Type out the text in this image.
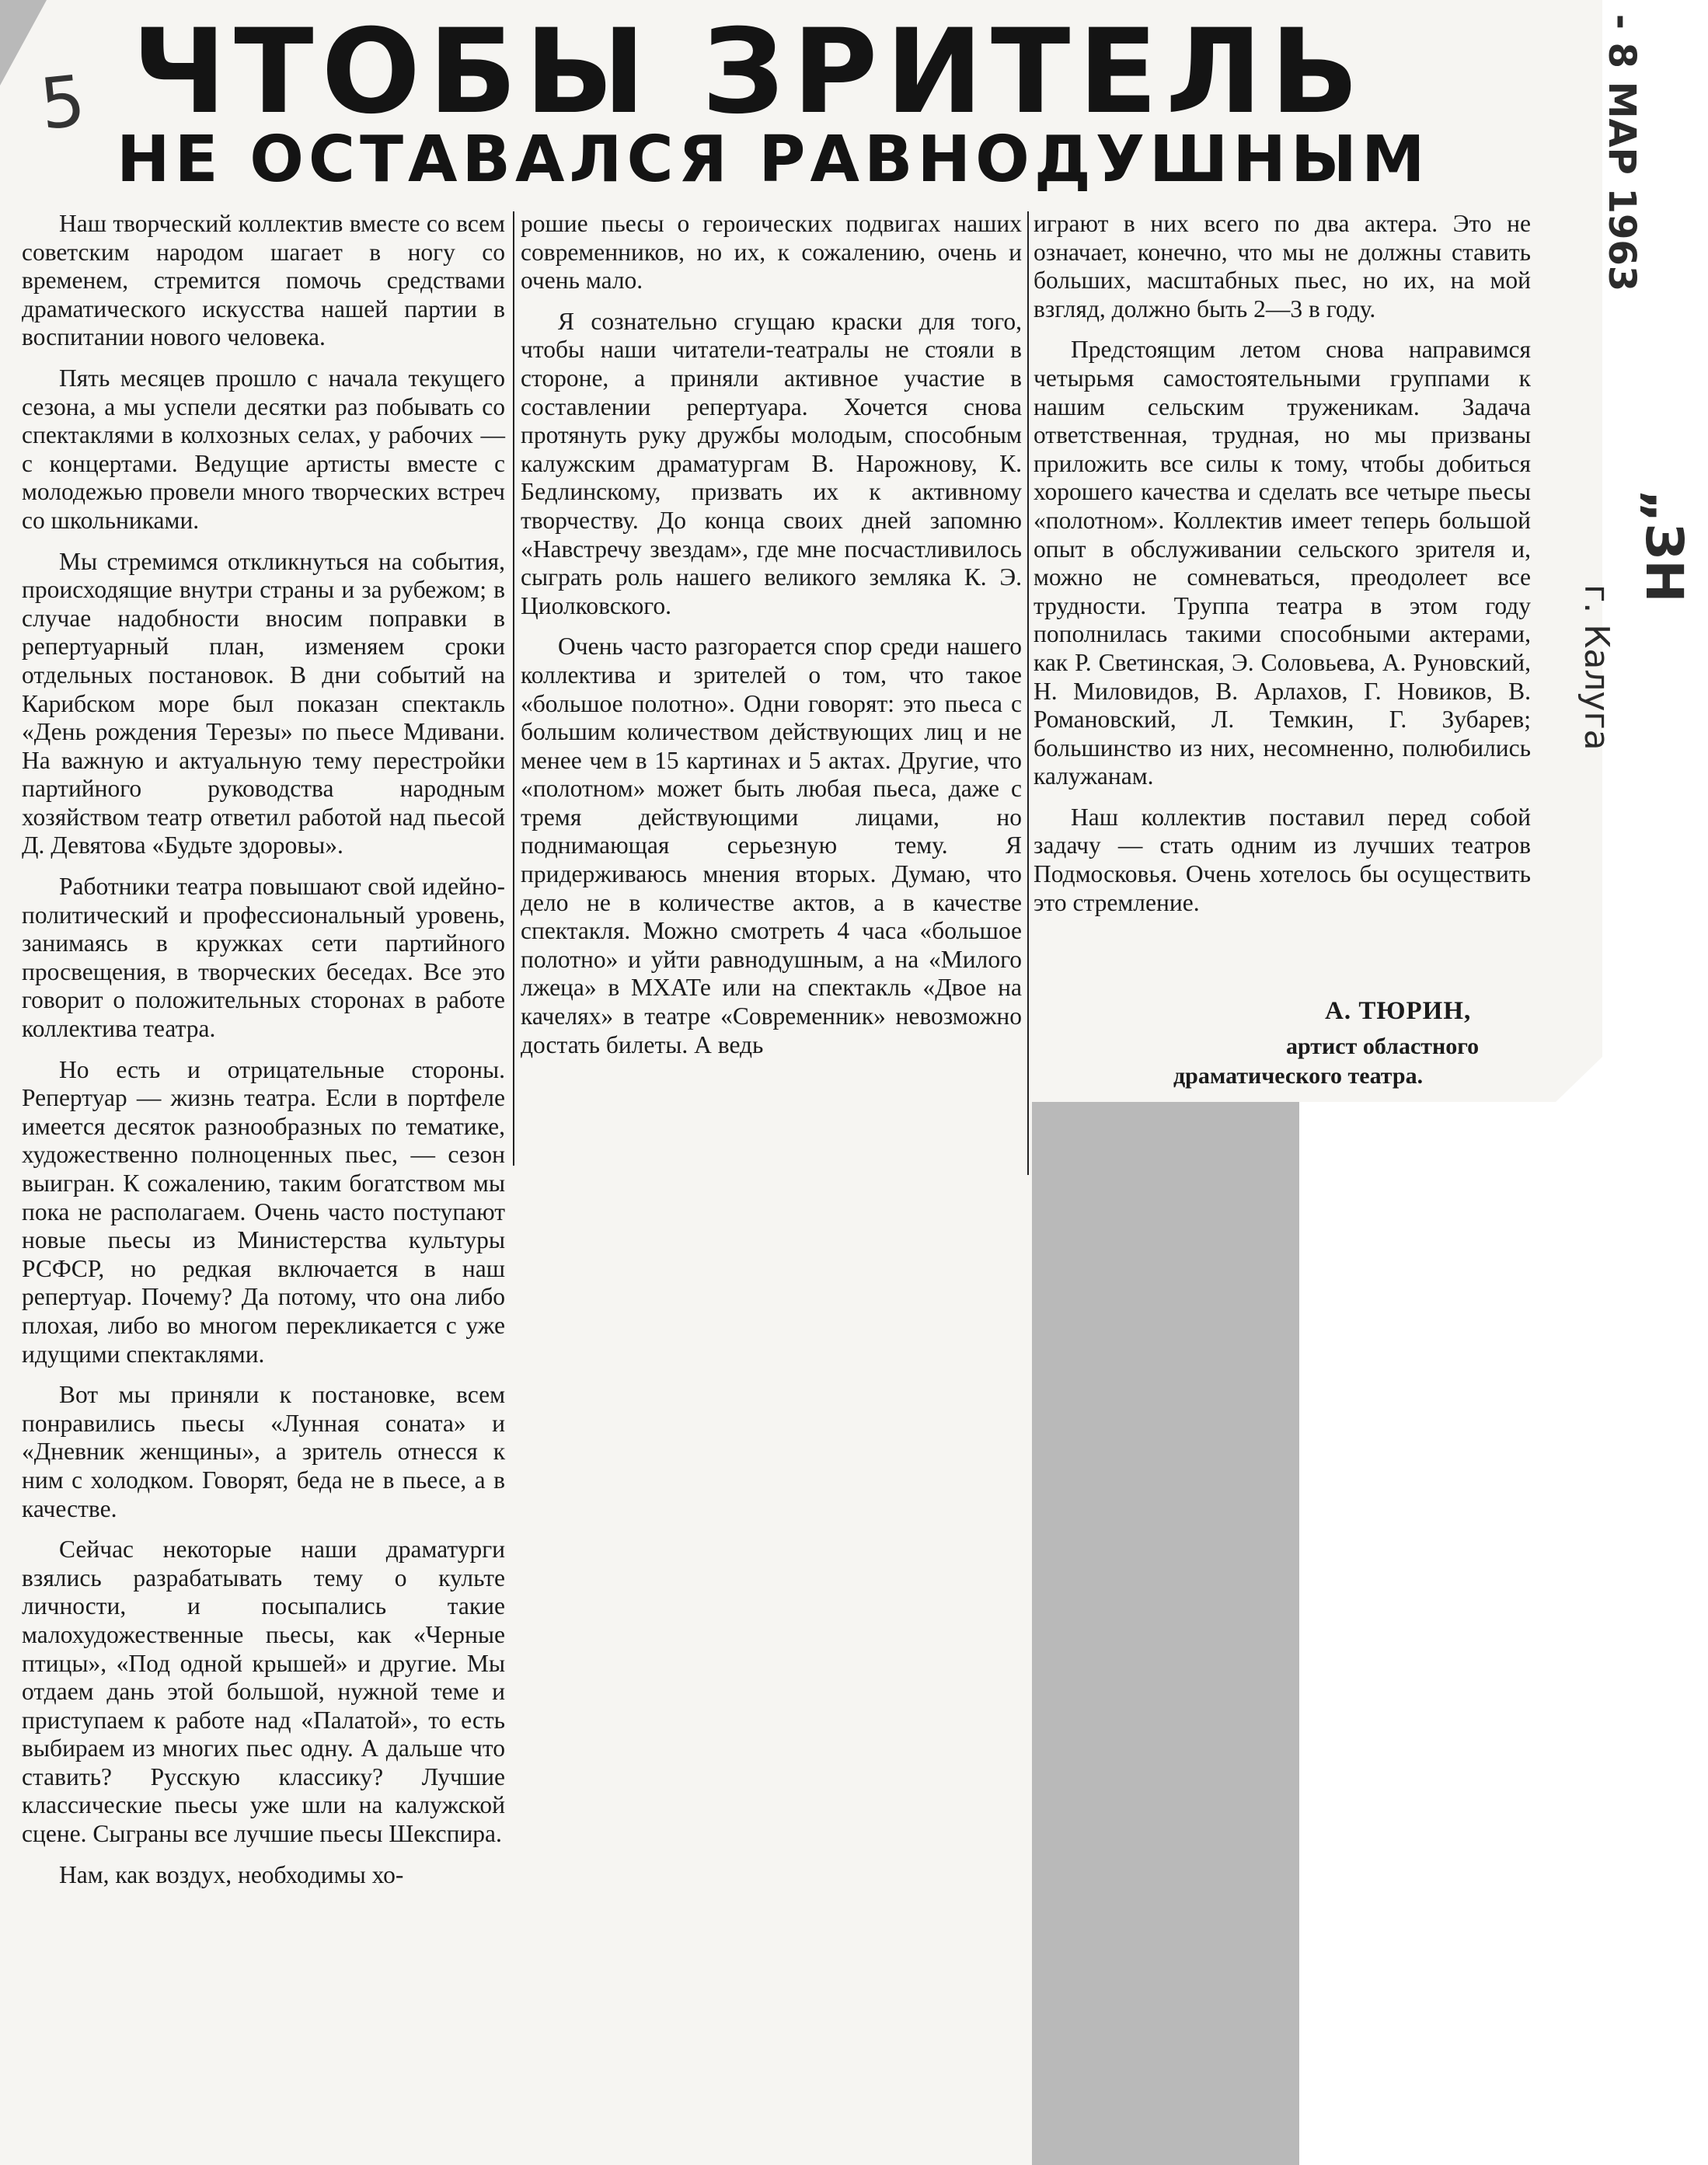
5 ЧТОБЫ ЗРИТЕЛЬ
НЕ ОСТАВАЛСЯ РАВНОДУШНЫМ

Наш творческий коллектив вместе со всем советским народом шагает в ногу со временем, стремится помочь средствами драматического искусства нашей партии в воспитании нового человека.

Пять месяцев прошло с начала текущего сезона, а мы успели десятки раз побывать со спектаклями в колхозных селах, у рабочих — с концертами. Ведущие артисты вместе с молодежью провели много творческих встреч со школьниками.

Мы стремимся откликнуться на события, происходящие внутри страны и за рубежом; в случае надобности вносим поправки в репертуарный план, изменяем сроки отдельных постановок. В дни событий на Карибском море был показан спектакль «День рождения Терезы» по пьесе Мдивани. На важную и актуальную тему перестройки партийного руководства народным хозяйством театр ответил работой над пьесой Д. Девятова «Будьте здоровы».

Работники театра повышают свой идейно-политический и профессиональный уровень, занимаясь в кружках сети партийного просвещения, в творческих беседах. Все это говорит о положительных сторонах в работе коллектива театра.

Но есть и отрицательные стороны. Репертуар — жизнь театра. Если в портфеле имеется десяток разнообразных по тематике, художественно полноценных пьес, — сезон выигран. К сожалению, таким богатством мы пока не располагаем. Очень часто поступают новые пьесы из Министерства культуры РСФСР, но редкая включается в наш репертуар. Почему? Да потому, что она либо плохая, либо во многом перекликается с уже идущими спектаклями.

Вот мы приняли к постановке, всем понравились пьесы «Лунная соната» и «Дневник женщины», а зритель отнесся к ним с холодком. Говорят, беда не в пьесе, а в качестве.

Сейчас некоторые наши драматурги взялись разрабатывать тему о культе личности, и посыпались такие малохудожественные пьесы, как «Черные птицы», «Под одной крышей» и другие. Мы отдаем дань этой большой, нужной теме и приступаем к работе над «Палатой», то есть выбираем из многих пьес одну. А дальше что ставить? Русскую классику? Лучшие классические пьесы уже шли на калужской сцене. Сыграны все лучшие пьесы Шекспира.

Нам, как воздух, необходимы хо-

рошие пьесы о героических подвигах наших современников, но их, к сожалению, очень и очень мало.

Я сознательно сгущаю краски для того, чтобы наши читатели-театралы не стояли в стороне, а приняли активное участие в составлении репертуара. Хочется снова протянуть руку дружбы молодым, способным калужским драматургам В. Нарожнову, К. Бедлинскому, призвать их к активному творчеству. До конца своих дней запомню «Навстречу звездам», где мне посчастливилось сыграть роль нашего великого земляка К. Э. Циолковского.

Очень часто разгорается спор среди нашего коллектива и зрителей о том, что такое «большое полотно». Одни говорят: это пьеса с большим количеством действующих лиц и не менее чем в 15 картинах и 5 актах. Другие, что «полотном» может быть любая пьеса, даже с тремя действующими лицами, но поднимающая серьезную тему. Я придерживаюсь мнения вторых. Думаю, что дело не в количестве актов, а в качестве спектакля. Можно смотреть 4 часа «большое полотно» и уйти равнодушным, а на «Милого лжеца» в МХАТе или на спектакль «Двое на качелях» в театре «Современник» невозможно достать билеты. А ведь

играют в них всего по два актера. Это не означает, конечно, что мы не должны ставить больших, масштабных пьес, но их, на мой взгляд, должно быть 2—3 в году.

Предстоящим летом снова направимся четырьмя самостоятельными группами к нашим сельским труженикам. Задача ответственная, трудная, но мы призваны приложить все силы к тому, чтобы добиться хорошего качества и сделать все четыре пьесы «полотном». Коллектив имеет теперь большой опыт в обслуживании сельского зрителя и, можно не сомневаться, преодолеет все трудности. Труппа театра в этом году пополнилась такими способными актерами, как Р. Светинская, Э. Соловьева, А. Руновский, Н. Миловидов, В. Арлахов, Г. Новиков, В. Романовский, Л. Темкин, Г. Зубарев; большинство из них, несомненно, полюбились калужанам.

Наш коллектив поставил перед собой задачу — стать одним из лучших театров Подмосковья. Очень хотелось бы осуществить это стремление.

А. ТЮРИН,
артист областного
драматического театра.
- 8 МАР 1963
„ЗН
г. Калуга
